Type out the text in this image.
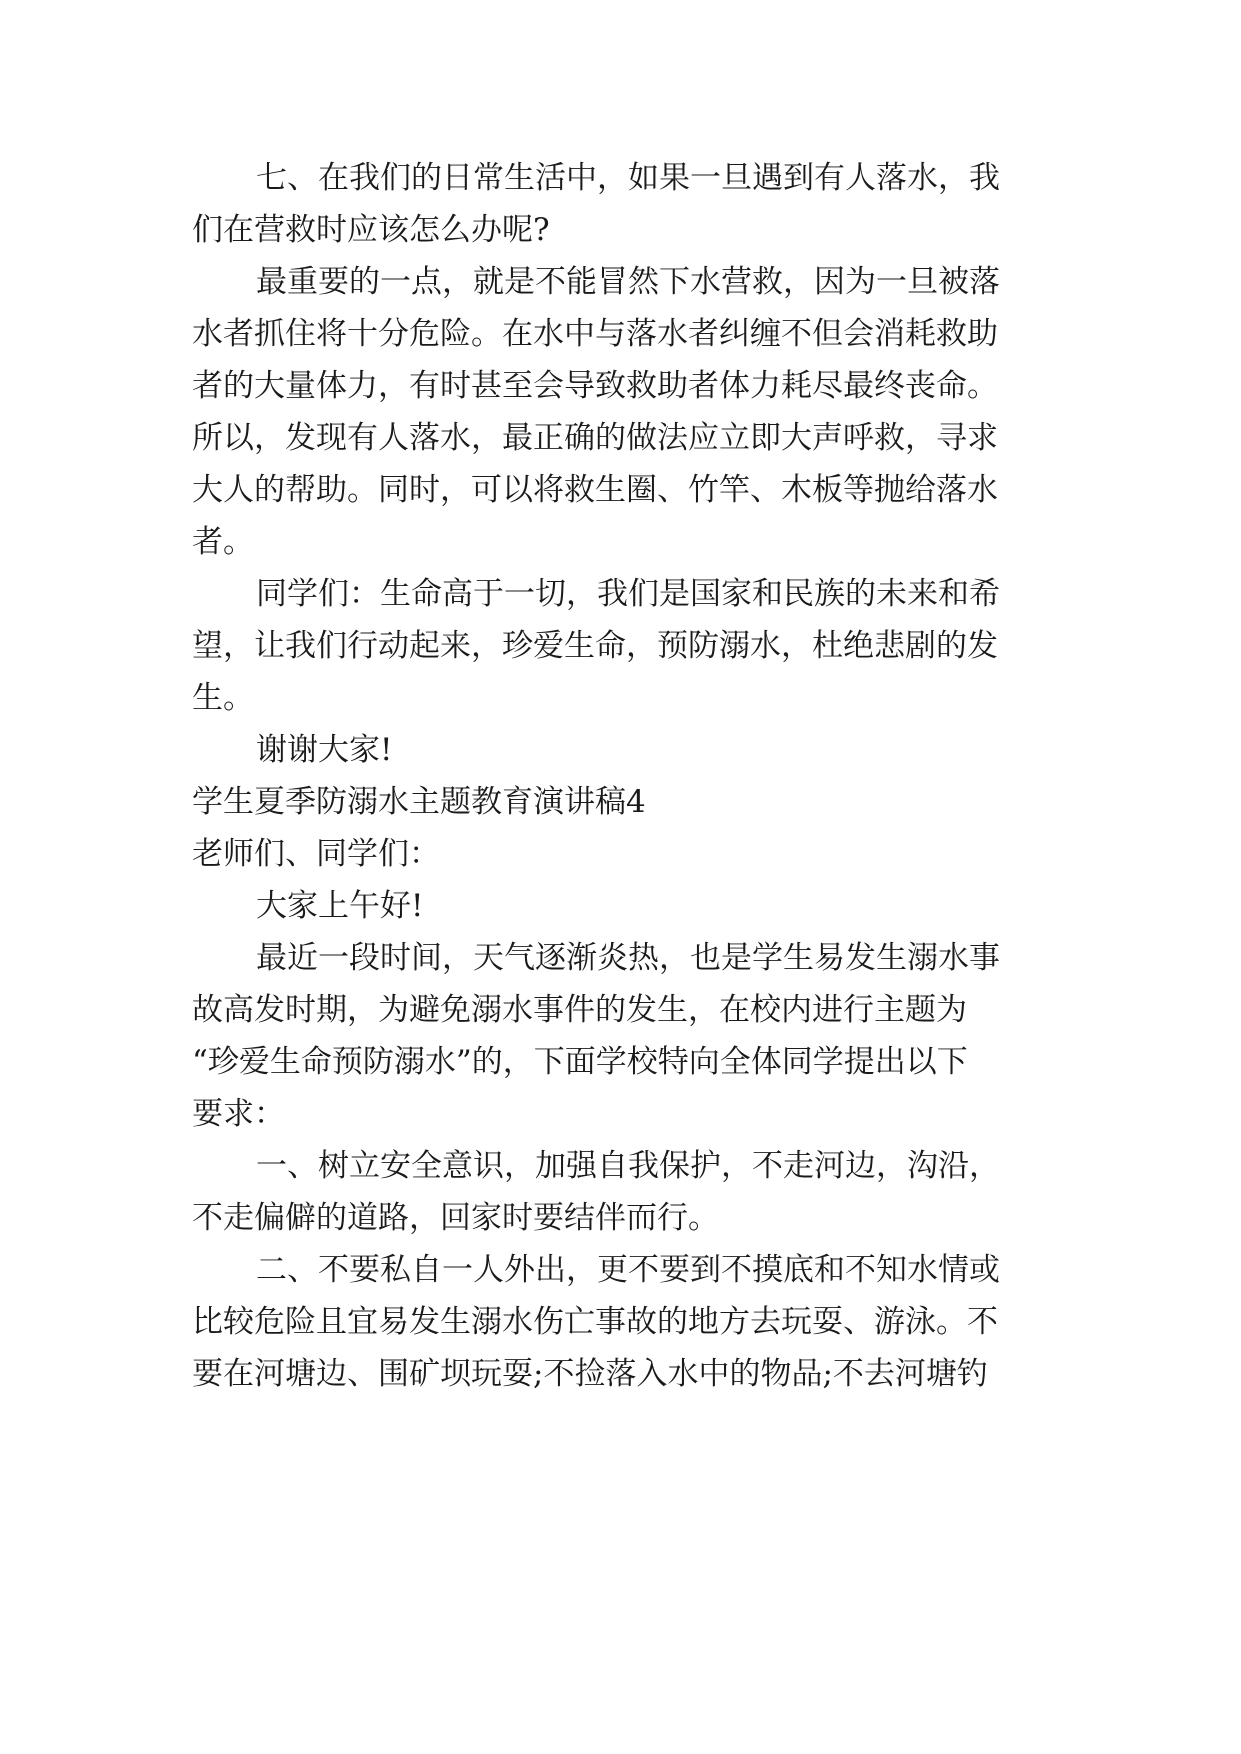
七、在我们的日常生活中，如果一旦遇到有人落水，我
们在营救时应该怎么办呢?
最重要的一点，就是不能冒然下水营救，因为一旦被落
水者抓住将十分危险。在水中与落水者纠缠不但会消耗救助
者的大量体力，有时甚至会导致救助者体力耗尽最终丧命。
所以，发现有人落水，最正确的做法应立即大声呼救，寻求
大人的帮助。同时，可以将救生圈、竹竿、木板等抛给落水
者。
同学们：生命高于一切，我们是国家和民族的未来和希
望，让我们行动起来，珍爱生命，预防溺水，杜绝悲剧的发
生。
谢谢大家!
学生夏季防溺水主题教育演讲稿4
老师们、同学们：
大家上午好!
最近一段时间，天气逐渐炎热，也是学生易发生溺水事
故高发时期，为避免溺水事件的发生，在校内进行主题为
“珍爱生命预防溺水”的，下面学校特向全体同学提出以下
要求：
一、树立安全意识，加强自我保护，不走河边，沟沿，
不走偏僻的道路，回家时要结伴而行。
二、不要私自一人外出，更不要到不摸底和不知水情或
比较危险且宜易发生溺水伤亡事故的地方去玩耍、游泳。不
要在河塘边、围矿坝玩耍;不捡落入水中的物品;不去河塘钓
